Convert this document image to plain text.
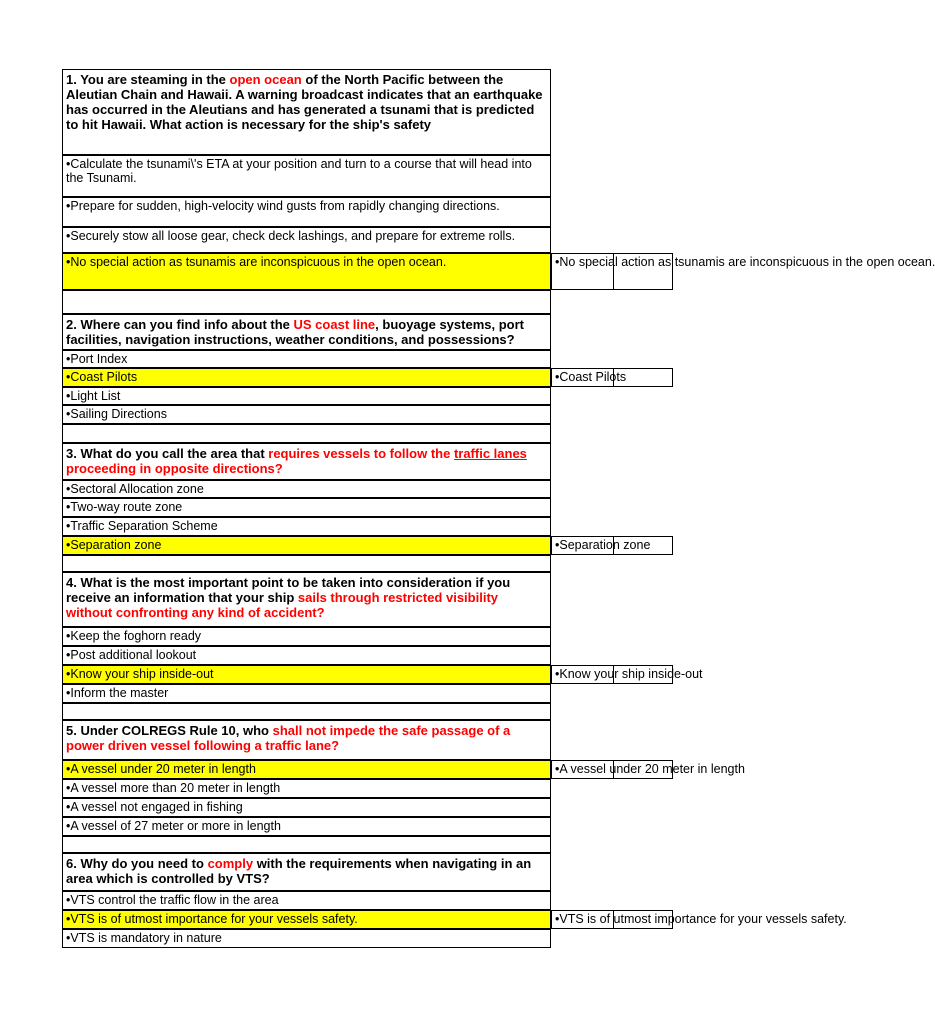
1. You are steaming in the open ocean of the North Pacific between the Aleutian Chain and Hawaii. A warning broadcast indicates that an earthquake has occurred in the Aleutians and has generated a tsunami that is predicted to hit Hawaii. What action is necessary for the ship's safety
•Calculate the tsunami\'s ETA at your position and turn to a course that will head into the Tsunami.
•Prepare for sudden, high-velocity wind gusts from rapidly changing directions.
•Securely stow all loose gear, check deck lashings, and prepare for extreme rolls.
•No special action as tsunamis are inconspicuous in the open ocean.	•No special action as tsunamis are inconspicuous in the open ocean.
2. Where can you find info about the US coast line, buoyage systems, port facilities, navigation instructions, weather conditions, and possessions?
•Port Index
•Coast Pilots
•Light List
•Sailing Directions
•Coast Pilots
3. What do you call the area that requires vessels to follow the traffic lanes proceeding in opposite directions?
•Sectoral Allocation zone
•Two-way route zone
•Traffic Separation Scheme
•Separation zone	•Separation zone
4. What is the most important point to be taken into consideration if you receive an information that your ship sails through restricted visibility without confronting any kind of accident?
•Keep the foghorn ready
•Post additional lookout
•Know your ship inside-out
•Inform the master
•Know your ship inside-out
5. Under COLREGS Rule 10, who shall not impede the safe passage of a power driven vessel following a traffic lane?
•A vessel under 20 meter in length
•A vessel more than 20 meter in length
•A vessel not engaged in fishing
•A vessel of 27 meter or more in length
•A vessel under 20 meter in length
6. Why do you need to comply with the requirements when navigating in an area which is controlled by VTS?
•VTS control the traffic flow in the area
•VTS is of utmost importance for your vessels safety.
•VTS is mandatory in nature
•VTS is of utmost importance for your vessels safety.
